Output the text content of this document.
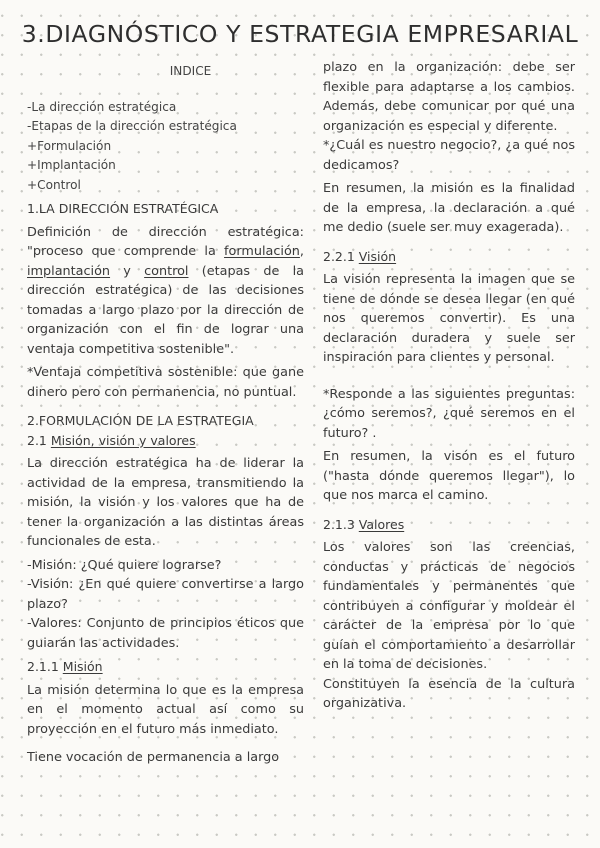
3.DIAGNÓSTICO Y ESTRATEGIA EMPRESARIAL
INDICE
-La dirección estratégica
-Etapas de la dirección estratégica
+Formulación
+Implantación
+Control
1.LA DIRECCIÓN ESTRATÉGICA
Definición de dirección estratégica: "proceso que comprende la formulación, implantación y control (etapas de la dirección estratégica) de las decisiones tomadas a largo plazo por la dirección de organización con el fin de lograr una ventaja competitiva sostenible".
*Ventaja competitiva sostenible: que gane dinero pero con permanencia, no puntual.
2.FORMULACIÓN DE LA ESTRATEGIA
2.1 Misión, visión y valores
La dirección estratégica ha de liderar la actividad de la empresa, transmitiendo la misión, la visión y los valores que ha de tener la organización a las distintas áreas funcionales de esta.
-Misión: ¿Qué quiere lograrse?
-Visión: ¿En qué quiere convertirse a largo plazo?
-Valores: Conjunto de principios éticos que guiarán las actividades.
2.1.1 Misión
La misión determina lo que es la empresa en el momento actual así como su proyección en el futuro más inmediato.
Tiene vocación de permanencia a largo
plazo en la organización: debe ser flexible para adaptarse a los cambios. Además, debe comunicar por qué una organización es especial y diferente.
*¿Cuál es nuestro negocio?, ¿a qué nos dedicamos?
En resumen, la misión es la finalidad de la empresa, la declaración a qué me dedio (suele ser muy exagerada).
2.2.1 Visión
La visión representa la imagen que se tiene de dónde se desea llegar (en qué nos queremos convertir). Es una declaración duradera y suele ser inspiración para clientes y personal.
*Responde a las siguientes preguntas: ¿cómo seremos?, ¿qué seremos en el futuro? .
En resumen, la visón es el futuro ("hasta dónde queremos llegar"), lo que nos marca el camino.
2.1.3 Valores
Los valores son las creencias, conductas y prácticas de negocios fundamentales y permanentes que contribuyen a configurar y moldear el carácter de la empresa por lo que guían el comportamiento a desarrollar en la toma de decisiones.
Constituyen la esencia de la cultura organizativa.
